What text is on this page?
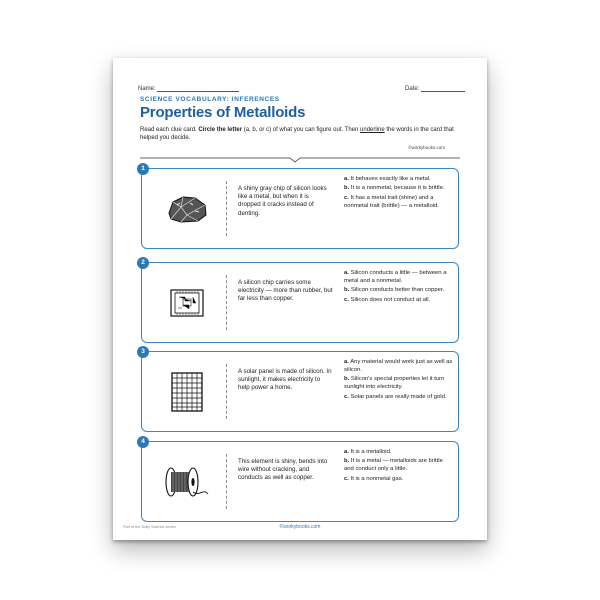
Name:	Date:
SCIENCE VOCABULARY: INFERENCES
Properties of Metalloids
Read each clue card. Circle the letter (a, b, or c) of what you can figure out. Then underline the words in the card that helped you decide.
©workybooks.com
1
A shiny gray chip of silicon looks like a metal, but when it is dropped it cracks instead of denting.
a. It behaves exactly like a metal.
b. It is a nonmetal, because it is brittle.
c. It has a metal trait (shine) and a nonmetal trait (brittle) — a metalloid.
2
A silicon chip carries some electricity — more than rubber, but far less than copper.
a. Silicon conducts a little — between a metal and a nonmetal.
b. Silicon conducts better than copper.
c. Silicon does not conduct at all.
3
A solar panel is made of silicon. In sunlight, it makes electricity to help power a home.
a. Any material would work just as well as silicon.
b. Silicon's special properties let it turn sunlight into electricity.
c. Solar panels are really made of gold.
4
This element is shiny, bends into wire without cracking, and conducts as well as copper.
a. It is a metalloid.
b. It is a metal — metalloids are brittle and conduct only a little.
c. It is a nonmetal gas.
Part of the Daily Science series	©workybooks.com
